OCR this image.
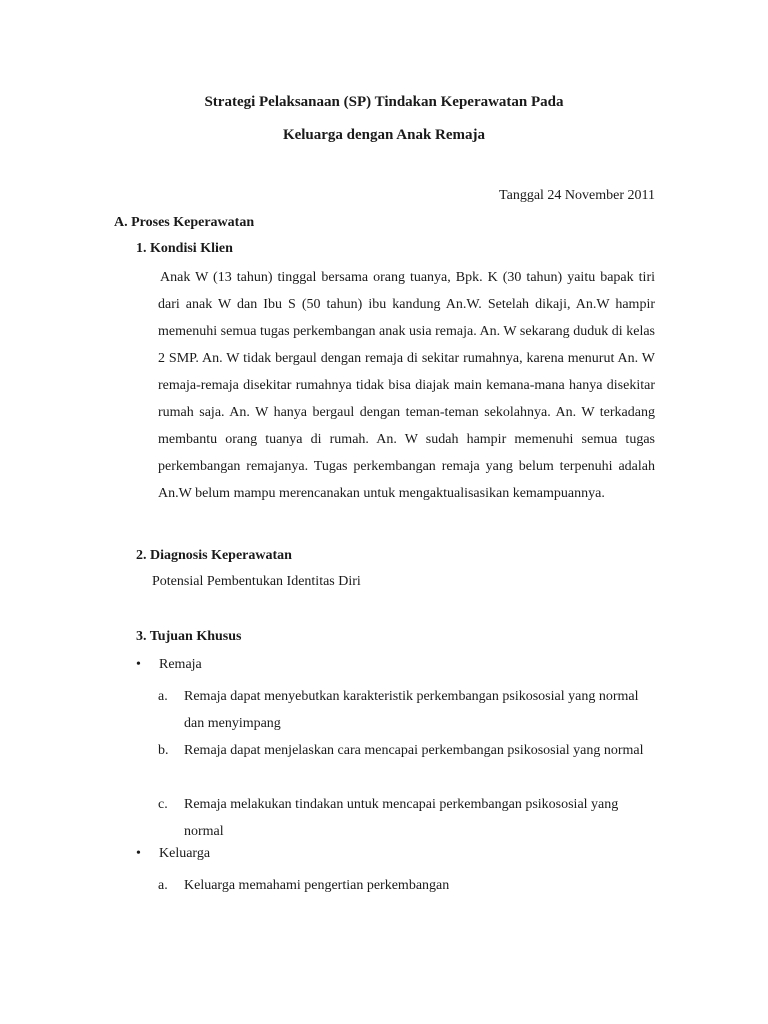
Strategi Pelaksanaan (SP) Tindakan Keperawatan Pada
Keluarga dengan Anak Remaja
Tanggal 24 November 2011
A. Proses Keperawatan
1. Kondisi Klien

Anak W (13 tahun) tinggal bersama orang tuanya, Bpk. K (30 tahun) yaitu bapak tiri dari anak W dan Ibu S (50 tahun) ibu kandung An.W. Setelah dikaji, An.W hampir memenuhi semua tugas perkembangan anak usia remaja. An. W sekarang duduk di kelas 2 SMP. An. W tidak bergaul dengan remaja di sekitar rumahnya, karena menurut An. W remaja-remaja disekitar rumahnya tidak bisa diajak main kemana-mana hanya disekitar rumah saja. An. W hanya bergaul dengan teman-teman sekolahnya. An. W terkadang membantu orang tuanya di rumah. An. W sudah hampir memenuhi semua tugas perkembangan remajanya. Tugas perkembangan remaja yang belum terpenuhi adalah An.W belum mampu merencanakan untuk mengaktualisasikan kemampuannya.

2. Diagnosis Keperawatan
Potensial Pembentukan Identitas Diri
3. Tujuan Khusus
• Remaja
a. Remaja dapat menyebutkan karakteristik perkembangan psikososial yang normal dan menyimpang
b. Remaja dapat menjelaskan cara mencapai perkembangan psikososial yang normal
c. Remaja melakukan tindakan untuk mencapai perkembangan psikososial yang normal
• Keluarga
a. Keluarga memahami pengertian perkembangan
